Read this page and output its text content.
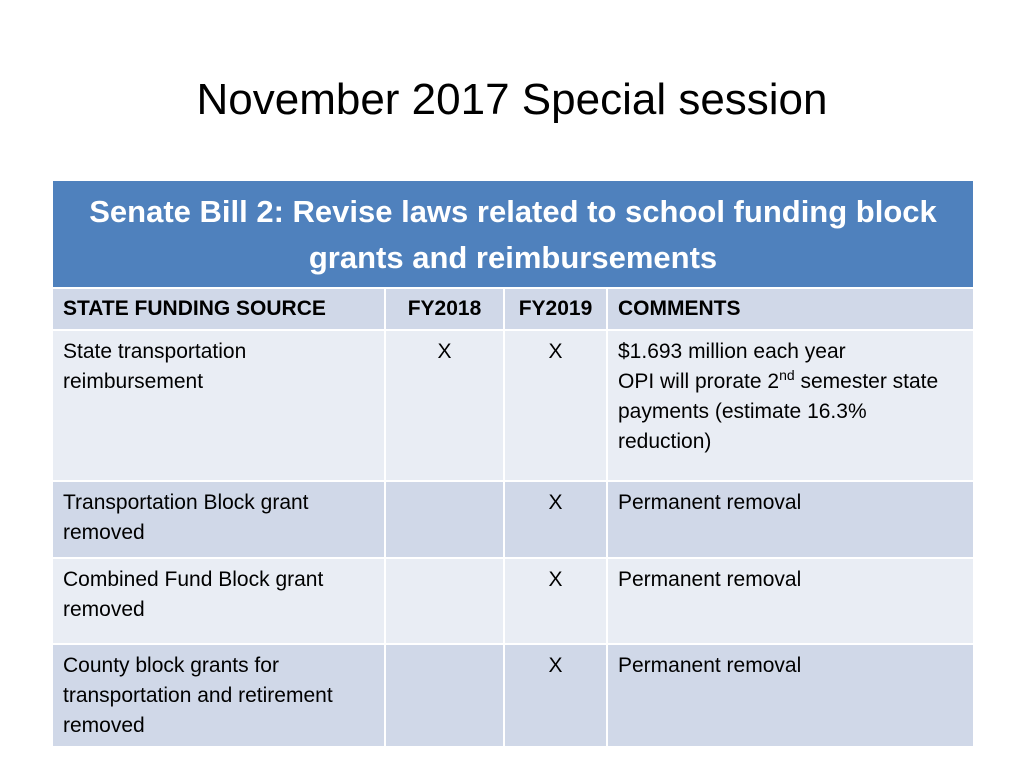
November 2017 Special session
Senate Bill 2: Revise laws related to school funding block grants and reimbursements			
STATE FUNDING SOURCE	FY2018	FY2019	COMMENTS
State transportation reimbursement	X	X	$1.693 million each year
OPI will prorate 2nd semester state payments (estimate 16.3% reduction)
Transportation Block grant removed		X	Permanent removal
Combined Fund Block grant removed		X	Permanent removal
County block grants for transportation and retirement removed		X	Permanent removal
